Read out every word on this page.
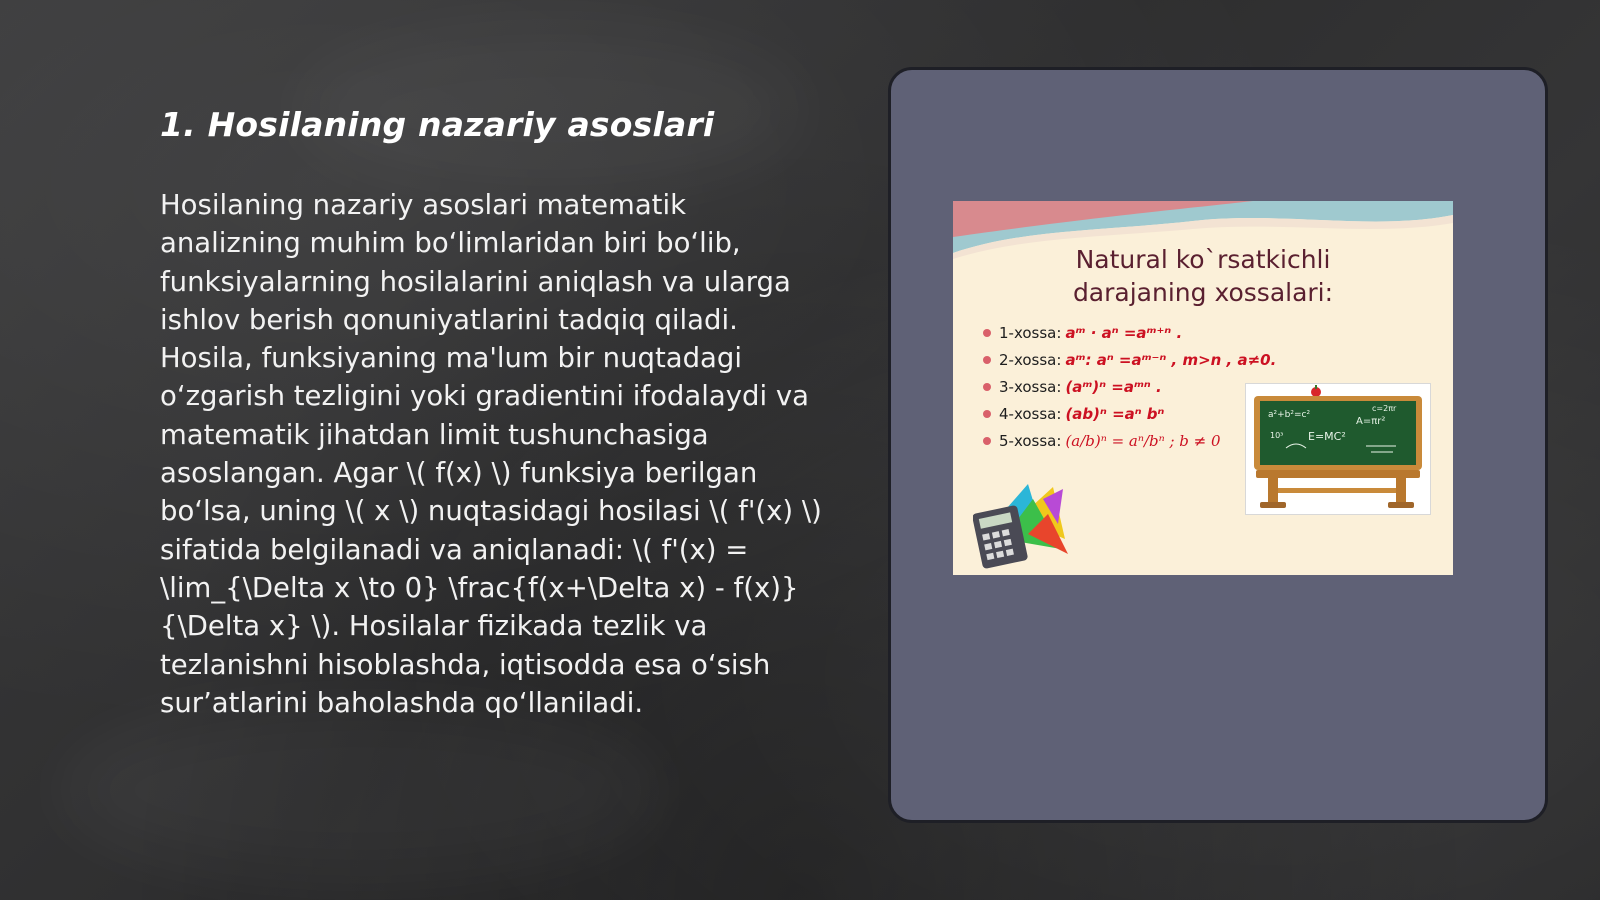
1. Hosilaning nazariy asoslari

Hosilaning nazariy asoslari matematik analizning muhim bo‘limlaridan biri bo‘lib, funksiyalarning hosilalarini aniqlash va ularga ishlov berish qonuniyatlarini tadqiq qiladi. Hosila, funksiyaning ma'lum bir nuqtadagi o‘zgarish tezligini yoki gradientini ifodalaydi va matematik jihatdan limit tushunchasiga asoslangan. Agar \( f(x) \) funksiya berilgan bo‘lsa, uning \( x \) nuqtasidagi hosilasi \( f'(x) \) sifatida belgilanadi va aniqlanadi: \( f'(x) = \lim_{\Delta x \to 0} \frac{f(x+\Delta x) - f(x)}{\Delta x} \). Hosilalar fizikada tezlik va tezlanishni hisoblashda, iqtisodda esa o‘sish sur’atlarini baholashda qo‘llaniladi.

Natural ko`rsatkichli
darajaning xossalari:
1-xossa: aᵐ · aⁿ =aᵐ⁺ⁿ .
2-xossa: aᵐ: aⁿ =aᵐ⁻ⁿ , m>n , a≠0.
3-xossa: (aᵐ)ⁿ =aᵐⁿ .
4-xossa: (ab)ⁿ =aⁿ bⁿ
5-xossa: (a/b)ⁿ = aⁿ/bⁿ ; b ≠ 0
a²+b²=c²
A=πr²
E=MC²
c=2πr
10³
